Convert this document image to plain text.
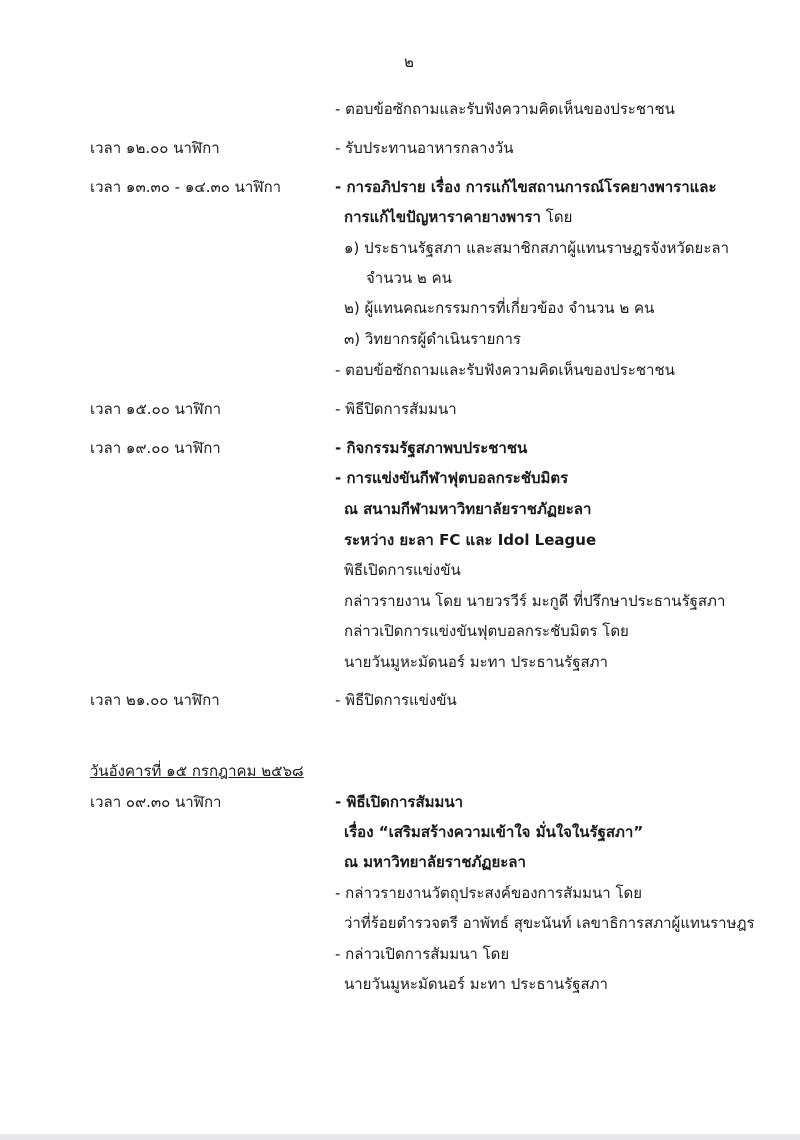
๒
- ตอบข้อซักถามและรับฟังความคิดเห็นของประชาชน
เวลา ๑๒.๐๐ นาฬิกา	- รับประทานอาหารกลางวัน
เวลา ๑๓.๓๐ - ๑๔.๓๐ นาฬิกา	- การอภิปราย เรื่อง การแก้ไขสถานการณ์โรคยางพาราและ
การแก้ไขปัญหาราคายางพารา โดย
๑) ประธานรัฐสภา และสมาชิกสภาผู้แทนราษฎรจังหวัดยะลา
จำนวน ๒ คน
๒) ผู้แทนคณะกรรมการที่เกี่ยวข้อง จำนวน ๒ คน
๓) วิทยากรผู้ดำเนินรายการ
- ตอบข้อซักถามและรับฟังความคิดเห็นของประชาชน
เวลา ๑๕.๐๐ นาฬิกา	- พิธีปิดการสัมมนา
เวลา ๑๙.๐๐ นาฬิกา	- กิจกรรมรัฐสภาพบประชาชน
- การแข่งขันกีฬาฟุตบอลกระชับมิตร
ณ สนามกีฬามหาวิทยาลัยราชภัฏยะลา
ระหว่าง ยะลา FC และ Idol League
พิธีเปิดการแข่งขัน
กล่าวรายงาน โดย นายวรวีร์ มะกูดี ที่ปรึกษาประธานรัฐสภา
กล่าวเปิดการแข่งขันฟุตบอลกระชับมิตร โดย
นายวันมูหะมัดนอร์ มะทา ประธานรัฐสภา
เวลา ๒๑.๐๐ นาฬิกา	- พิธีปิดการแข่งขัน
วันอังคารที่ ๑๕ กรกฎาคม ๒๕๖๘
เวลา ๐๙.๓๐ นาฬิกา	- พิธีเปิดการสัมมนา
เรื่อง “เสริมสร้างความเข้าใจ มั่นใจในรัฐสภา”
ณ มหาวิทยาลัยราชภัฏยะลา
- กล่าวรายงานวัตถุประสงค์ของการสัมมนา โดย
ว่าที่ร้อยตำรวจตรี อาพัทธ์ สุขะนันท์ เลขาธิการสภาผู้แทนราษฎร
- กล่าวเปิดการสัมมนา โดย
นายวันมูหะมัดนอร์ มะทา ประธานรัฐสภา
